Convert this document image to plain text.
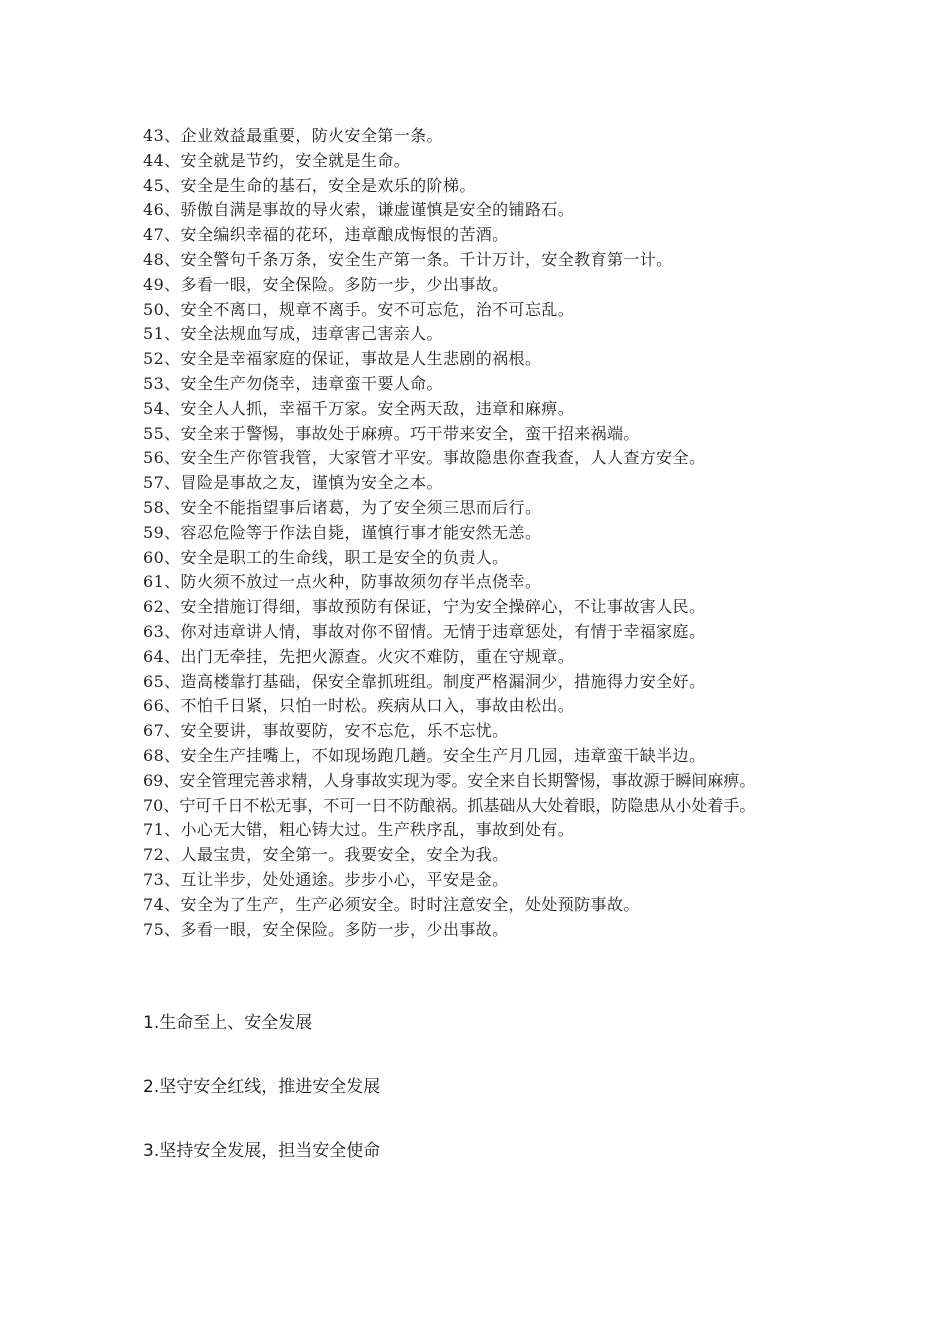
43、企业效益最重要，防火安全第一条。
44、安全就是节约，安全就是生命。
45、安全是生命的基石，安全是欢乐的阶梯。
46、骄傲自满是事故的导火索，谦虚谨慎是安全的铺路石。
47、安全编织幸福的花环，违章酿成悔恨的苦酒。
48、安全警句千条万条，安全生产第一条。千计万计，安全教育第一计。
49、多看一眼，安全保险。多防一步，少出事故。
50、安全不离口，规章不离手。安不可忘危，治不可忘乱。
51、安全法规血写成，违章害己害亲人。
52、安全是幸福家庭的保证，事故是人生悲剧的祸根。
53、安全生产勿侥幸，违章蛮干要人命。
54、安全人人抓，幸福千万家。安全两天敌，违章和麻痹。
55、安全来于警惕，事故处于麻痹。巧干带来安全，蛮干招来祸端。
56、安全生产你管我管，大家管才平安。事故隐患你查我查，人人查方安全。
57、冒险是事故之友，谨慎为安全之本。
58、安全不能指望事后诸葛，为了安全须三思而后行。
59、容忍危险等于作法自毙，谨慎行事才能安然无恙。
60、安全是职工的生命线，职工是安全的负责人。
61、防火须不放过一点火种，防事故须勿存半点侥幸。
62、安全措施订得细，事故预防有保证，宁为安全操碎心，不让事故害人民。
63、你对违章讲人情，事故对你不留情。无情于违章惩处，有情于幸福家庭。
64、出门无牵挂，先把火源查。火灾不难防，重在守规章。
65、造高楼靠打基础，保安全靠抓班组。制度严格漏洞少，措施得力安全好。
66、不怕千日紧，只怕一时松。疾病从口入，事故由松出。
67、安全要讲，事故要防，安不忘危，乐不忘忧。
68、安全生产挂嘴上，不如现场跑几趟。安全生产月几园，违章蛮干缺半边。
69、安全管理完善求精，人身事故实现为零。安全来自长期警惕，事故源于瞬间麻痹。
70、宁可千日不松无事，不可一日不防酿祸。抓基础从大处着眼，防隐患从小处着手。
71、小心无大错，粗心铸大过。生产秩序乱，事故到处有。
72、人最宝贵，安全第一。我要安全，安全为我。
73、互让半步，处处通途。步步小心，平安是金。
74、安全为了生产，生产必须安全。时时注意安全，处处预防事故。
75、多看一眼，安全保险。多防一步，少出事故。
1.生命至上、安全发展
2.坚守安全红线，推进安全发展
3.坚持安全发展，担当安全使命
